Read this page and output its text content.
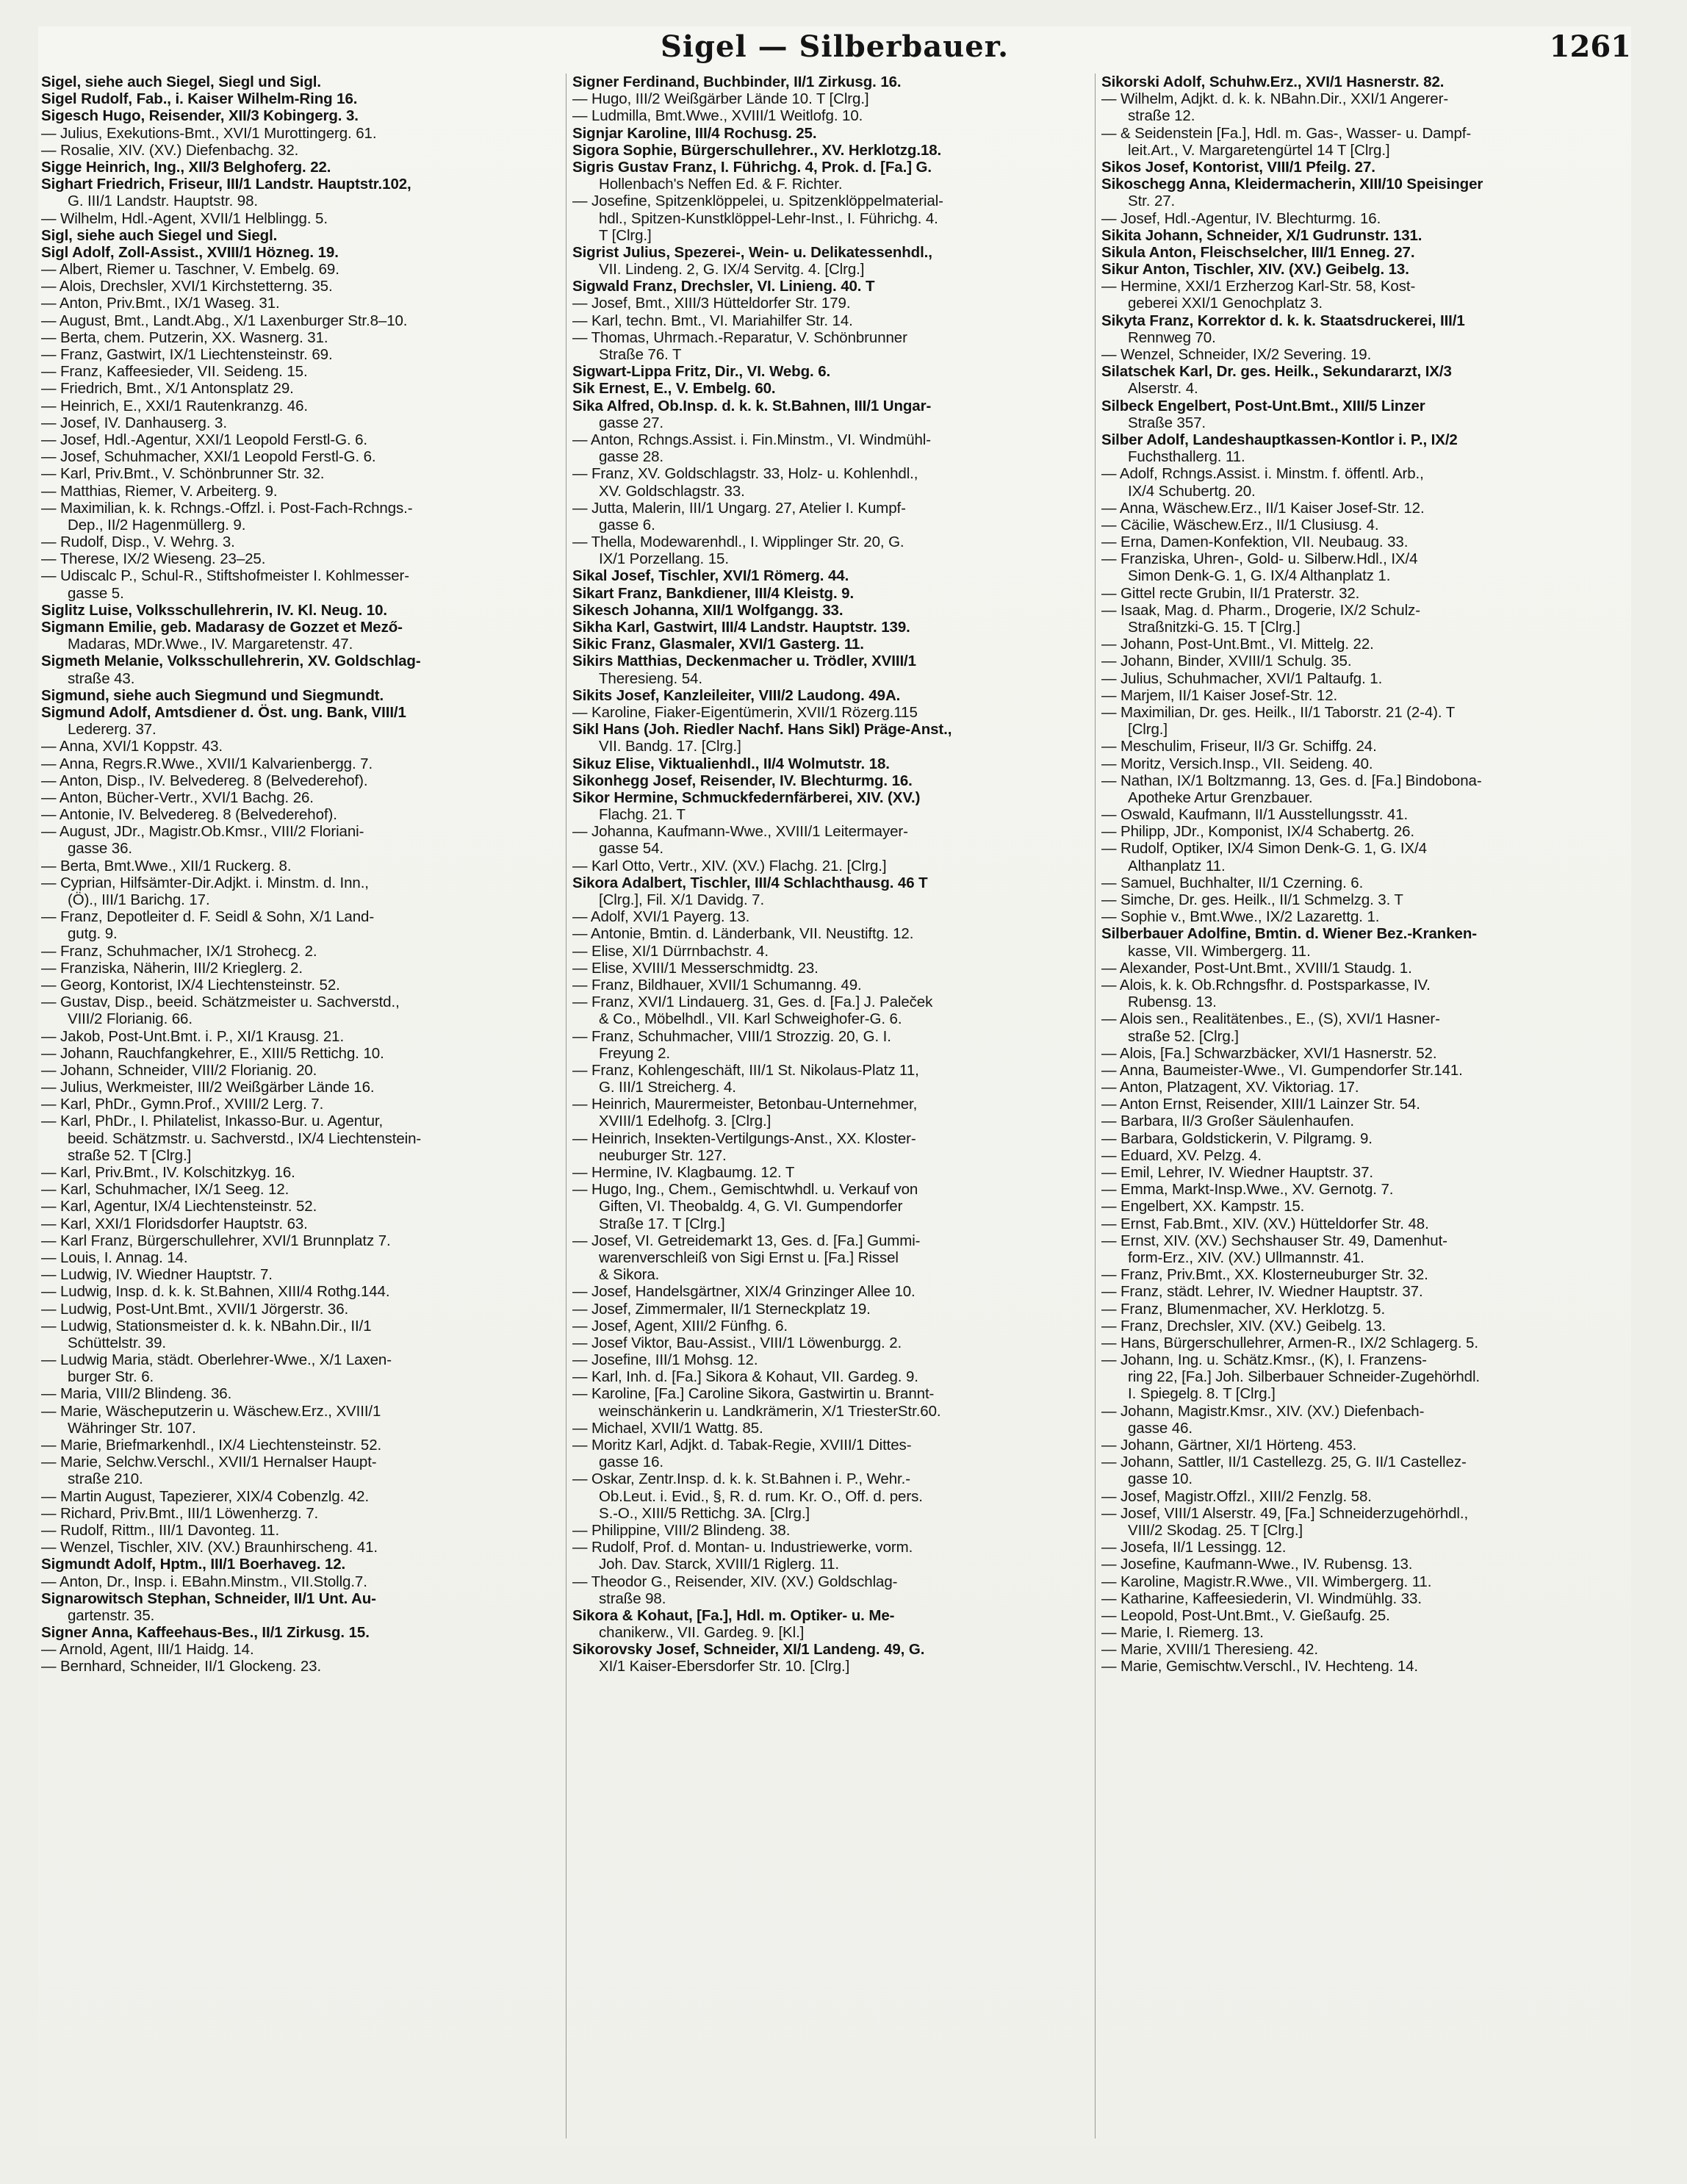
Sigel — Silberbauer.	1261
Sigel, siehe auch Siegel, Siegl und Sigl.
Sigel Rudolf, Fab., i. Kaiser Wilhelm-Ring 16.
Sigesch Hugo, Reisender, XII/3 Kobingerg. 3.
— Julius, Exekutions-Bmt., XVI/1 Murottingerg. 61.
— Rosalie, XIV. (XV.) Diefenbachg. 32.
Sigge Heinrich, Ing., XII/3 Belghoferg. 22.
Sighart Friedrich, Friseur, III/1 Landstr. Hauptstr.102,
G. III/1 Landstr. Hauptstr. 98.
— Wilhelm, Hdl.-Agent, XVII/1 Helblingg. 5.
Sigl, siehe auch Siegel und Siegl.
Sigl Adolf, Zoll-Assist., XVIII/1 Hözneg. 19.
— Albert, Riemer u. Taschner, V. Embelg. 69.
— Alois, Drechsler, XVI/1 Kirchstetterng. 35.
— Anton, Priv.Bmt., IX/1 Waseg. 31.
— August, Bmt., Landt.Abg., X/1 Laxenburger Str.8–10.
— Berta, chem. Putzerin, XX. Wasnerg. 31.
— Franz, Gastwirt, IX/1 Liechtensteinstr. 69.
— Franz, Kaffeesieder, VII. Seideng. 15.
— Friedrich, Bmt., X/1 Antonsplatz 29.
— Heinrich, E., XXI/1 Rautenkranzg. 46.
— Josef, IV. Danhauserg. 3.
— Josef, Hdl.-Agentur, XXI/1 Leopold Ferstl-G. 6.
— Josef, Schuhmacher, XXI/1 Leopold Ferstl-G. 6.
— Karl, Priv.Bmt., V. Schönbrunner Str. 32.
— Matthias, Riemer, V. Arbeiterg. 9.
— Maximilian, k. k. Rchngs.-Offzl. i. Post-Fach-Rchngs.-
Dep., II/2 Hagenmüllerg. 9.
— Rudolf, Disp., V. Wehrg. 3.
— Therese, IX/2 Wieseng. 23–25.
— Udiscalc P., Schul-R., Stiftshofmeister I. Kohlmesser-
gasse 5.
Siglitz Luise, Volksschullehrerin, IV. Kl. Neug. 10.
Sigmann Emilie, geb. Madarasy de Gozzet et Mező-
Madaras, MDr.Wwe., IV. Margaretenstr. 47.
Sigmeth Melanie, Volksschullehrerin, XV. Goldschlag-
straße 43.
Sigmund, siehe auch Siegmund und Siegmundt.
Sigmund Adolf, Amtsdiener d. Öst. ung. Bank, VIII/1
Ledererg. 37.
— Anna, XVI/1 Koppstr. 43.
— Anna, Regrs.R.Wwe., XVII/1 Kalvarienbergg. 7.
— Anton, Disp., IV. Belvedereg. 8 (Belvederehof).
— Anton, Bücher-Vertr., XVI/1 Bachg. 26.
— Antonie, IV. Belvedereg. 8 (Belvederehof).
— August, JDr., Magistr.Ob.Kmsr., VIII/2 Floriani-
gasse 36.
— Berta, Bmt.Wwe., XII/1 Ruckerg. 8.
— Cyprian, Hilfsämter-Dir.Adjkt. i. Minstm. d. Inn.,
(Ö)., III/1 Barichg. 17.
— Franz, Depotleiter d. F. Seidl & Sohn, X/1 Land-
gutg. 9.
— Franz, Schuhmacher, IX/1 Strohecg. 2.
— Franziska, Näherin, III/2 Krieglerg. 2.
— Georg, Kontorist, IX/4 Liechtensteinstr. 52.
— Gustav, Disp., beeid. Schätzmeister u. Sachverstd.,
VIII/2 Florianig. 66.
— Jakob, Post-Unt.Bmt. i. P., XI/1 Krausg. 21.
— Johann, Rauchfangkehrer, E., XIII/5 Rettichg. 10.
— Johann, Schneider, VIII/2 Florianig. 20.
— Julius, Werkmeister, III/2 Weißgärber Lände 16.
— Karl, PhDr., Gymn.Prof., XVIII/2 Lerg. 7.
— Karl, PhDr., I. Philatelist, Inkasso-Bur. u. Agentur,
beeid. Schätzmstr. u. Sachverstd., IX/4 Liechtenstein-
straße 52. T [Clrg.]
— Karl, Priv.Bmt., IV. Kolschitzkyg. 16.
— Karl, Schuhmacher, IX/1 Seeg. 12.
— Karl, Agentur, IX/4 Liechtensteinstr. 52.
— Karl, XXI/1 Floridsdorfer Hauptstr. 63.
— Karl Franz, Bürgerschullehrer, XVI/1 Brunnplatz 7.
— Louis, I. Annag. 14.
— Ludwig, IV. Wiedner Hauptstr. 7.
— Ludwig, Insp. d. k. k. St.Bahnen, XIII/4 Rothg.144.
— Ludwig, Post-Unt.Bmt., XVII/1 Jörgerstr. 36.
— Ludwig, Stationsmeister d. k. k. NBahn.Dir., II/1
Schüttelstr. 39.
— Ludwig Maria, städt. Oberlehrer-Wwe., X/1 Laxen-
burger Str. 6.
— Maria, VIII/2 Blindeng. 36.
— Marie, Wäscheputzerin u. Wäschew.Erz., XVIII/1
Währinger Str. 107.
— Marie, Briefmarkenhdl., IX/4 Liechtensteinstr. 52.
— Marie, Selchw.Verschl., XVII/1 Hernalser Haupt-
straße 210.
— Martin August, Tapezierer, XIX/4 Cobenzlg. 42.
— Richard, Priv.Bmt., III/1 Löwenherzg. 7.
— Rudolf, Rittm., III/1 Davonteg. 11.
— Wenzel, Tischler, XIV. (XV.) Braunhirscheng. 41.
Sigmundt Adolf, Hptm., III/1 Boerhaveg. 12.
— Anton, Dr., Insp. i. EBahn.Minstm., VII.Stollg.7.
Signarowitsch Stephan, Schneider, II/1 Unt. Au-
gartenstr. 35.
Signer Anna, Kaffeehaus-Bes., II/1 Zirkusg. 15.
— Arnold, Agent, III/1 Haidg. 14.
— Bernhard, Schneider, II/1 Glockeng. 23.
Signer Ferdinand, Buchbinder, II/1 Zirkusg. 16.
— Hugo, III/2 Weißgärber Lände 10. T [Clrg.]
— Ludmilla, Bmt.Wwe., XVIII/1 Weitlofg. 10.
Signjar Karoline, III/4 Rochusg. 25.
Sigora Sophie, Bürgerschullehrer., XV. Herklotzg.18.
Sigris Gustav Franz, I. Führichg. 4, Prok. d. [Fa.] G.
Hollenbach's Neffen Ed. & F. Richter.
— Josefine, Spitzenklöppelei, u. Spitzenklöppelmaterial-
hdl., Spitzen-Kunstklöppel-Lehr-Inst., I. Führichg. 4.
T [Clrg.]
Sigrist Julius, Spezerei-, Wein- u. Delikatessenhdl.,
VII. Lindeng. 2, G. IX/4 Servitg. 4. [Clrg.]
Sigwald Franz, Drechsler, VI. Linieng. 40. T
— Josef, Bmt., XIII/3 Hütteldorfer Str. 179.
— Karl, techn. Bmt., VI. Mariahilfer Str. 14.
— Thomas, Uhrmach.-Reparatur, V. Schönbrunner
Straße 76. T
Sigwart-Lippa Fritz, Dir., VI. Webg. 6.
Sik Ernest, E., V. Embelg. 60.
Sika Alfred, Ob.Insp. d. k. k. St.Bahnen, III/1 Ungar-
gasse 27.
— Anton, Rchngs.Assist. i. Fin.Minstm., VI. Windmühl-
gasse 28.
— Franz, XV. Goldschlagstr. 33, Holz- u. Kohlenhdl.,
XV. Goldschlagstr. 33.
— Jutta, Malerin, III/1 Ungarg. 27, Atelier I. Kumpf-
gasse 6.
— Thella, Modewarenhdl., I. Wipplinger Str. 20, G.
IX/1 Porzellang. 15.
Sikal Josef, Tischler, XVI/1 Römerg. 44.
Sikart Franz, Bankdiener, III/4 Kleistg. 9.
Sikesch Johanna, XII/1 Wolfgangg. 33.
Sikha Karl, Gastwirt, III/4 Landstr. Hauptstr. 139.
Sikic Franz, Glasmaler, XVI/1 Gasterg. 11.
Sikirs Matthias, Deckenmacher u. Trödler, XVIII/1
Theresieng. 54.
Sikits Josef, Kanzleileiter, VIII/2 Laudong. 49A.
— Karoline, Fiaker-Eigentümerin, XVII/1 Rözerg.115
Sikl Hans (Joh. Riedler Nachf. Hans Sikl) Präge-Anst.,
VII. Bandg. 17. [Clrg.]
Sikuz Elise, Viktualienhdl., II/4 Wolmutstr. 18.
Sikonhegg Josef, Reisender, IV. Blechturmg. 16.
Sikor Hermine, Schmuckfedernfärberei, XIV. (XV.)
Flachg. 21. T
— Johanna, Kaufmann-Wwe., XVIII/1 Leitermayer-
gasse 54.
— Karl Otto, Vertr., XIV. (XV.) Flachg. 21. [Clrg.]
Sikora Adalbert, Tischler, III/4 Schlachthausg. 46 T
[Clrg.], Fil. X/1 Davidg. 7.
— Adolf, XVI/1 Payerg. 13.
— Antonie, Bmtin. d. Länderbank, VII. Neustiftg. 12.
— Elise, XI/1 Dürrnbachstr. 4.
— Elise, XVIII/1 Messerschmidtg. 23.
— Franz, Bildhauer, XVII/1 Schumanng. 49.
— Franz, XVI/1 Lindauerg. 31, Ges. d. [Fa.] J. Paleček
& Co., Möbelhdl., VII. Karl Schweighofer-G. 6.
— Franz, Schuhmacher, VIII/1 Strozzig. 20, G. I.
Freyung 2.
— Franz, Kohlengeschäft, III/1 St. Nikolaus-Platz 11,
G. III/1 Streicherg. 4.
— Heinrich, Maurermeister, Betonbau-Unternehmer,
XVIII/1 Edelhofg. 3. [Clrg.]
— Heinrich, Insekten-Vertilgungs-Anst., XX. Kloster-
neuburger Str. 127.
— Hermine, IV. Klagbaumg. 12. T
— Hugo, Ing., Chem., Gemischtwhdl. u. Verkauf von
Giften, VI. Theobaldg. 4, G. VI. Gumpendorfer
Straße 17. T [Clrg.]
— Josef, VI. Getreidemarkt 13, Ges. d. [Fa.] Gummi-
warenverschleiß von Sigi Ernst u. [Fa.] Rissel
& Sikora.
— Josef, Handelsgärtner, XIX/4 Grinzinger Allee 10.
— Josef, Zimmermaler, II/1 Sterneckplatz 19.
— Josef, Agent, XIII/2 Fünfhg. 6.
— Josef Viktor, Bau-Assist., VIII/1 Löwenburgg. 2.
— Josefine, III/1 Mohsg. 12.
— Karl, Inh. d. [Fa.] Sikora & Kohaut, VII. Gardeg. 9.
— Karoline, [Fa.] Caroline Sikora, Gastwirtin u. Brannt-
weinschänkerin u. Landkrämerin, X/1 TriesterStr.60.
— Michael, XVII/1 Wattg. 85.
— Moritz Karl, Adjkt. d. Tabak-Regie, XVIII/1 Dittes-
gasse 16.
— Oskar, Zentr.Insp. d. k. k. St.Bahnen i. P., Wehr.-
Ob.Leut. i. Evid., §, R. d. rum. Kr. O., Off. d. pers.
S.-O., XIII/5 Rettichg. 3A. [Clrg.]
— Philippine, VIII/2 Blindeng. 38.
— Rudolf, Prof. d. Montan- u. Industriewerke, vorm.
Joh. Dav. Starck, XVIII/1 Riglerg. 11.
— Theodor G., Reisender, XIV. (XV.) Goldschlag-
straße 98.
Sikora & Kohaut, [Fa.], Hdl. m. Optiker- u. Me-
chanikerw., VII. Gardeg. 9. [Kl.]
Sikorovsky Josef, Schneider, XI/1 Landeng. 49, G.
XI/1 Kaiser-Ebersdorfer Str. 10. [Clrg.]
Sikorski Adolf, Schuhw.Erz., XVI/1 Hasnerstr. 82.
— Wilhelm, Adjkt. d. k. k. NBahn.Dir., XXI/1 Angerer-
straße 12.
— & Seidenstein [Fa.], Hdl. m. Gas-, Wasser- u. Dampf-
leit.Art., V. Margaretengürtel 14 T [Clrg.]
Sikos Josef, Kontorist, VIII/1 Pfeilg. 27.
Sikoschegg Anna, Kleidermacherin, XIII/10 Speisinger
Str. 27.
— Josef, Hdl.-Agentur, IV. Blechturmg. 16.
Sikita Johann, Schneider, X/1 Gudrunstr. 131.
Sikula Anton, Fleischselcher, III/1 Enneg. 27.
Sikur Anton, Tischler, XIV. (XV.) Geibelg. 13.
— Hermine, XXI/1 Erzherzog Karl-Str. 58, Kost-
geberei XXI/1 Genochplatz 3.
Sikyta Franz, Korrektor d. k. k. Staatsdruckerei, III/1
Rennweg 70.
— Wenzel, Schneider, IX/2 Severing. 19.
Silatschek Karl, Dr. ges. Heilk., Sekundararzt, IX/3
Alserstr. 4.
Silbeck Engelbert, Post-Unt.Bmt., XIII/5 Linzer
Straße 357.
Silber Adolf, Landeshauptkassen-Kontlor i. P., IX/2
Fuchsthallerg. 11.
— Adolf, Rchngs.Assist. i. Minstm. f. öffentl. Arb.,
IX/4 Schubertg. 20.
— Anna, Wäschew.Erz., II/1 Kaiser Josef-Str. 12.
— Cäcilie, Wäschew.Erz., II/1 Clusiusg. 4.
— Erna, Damen-Konfektion, VII. Neubaug. 33.
— Franziska, Uhren-, Gold- u. Silberw.Hdl., IX/4
Simon Denk-G. 1, G. IX/4 Althanplatz 1.
— Gittel recte Grubin, II/1 Praterstr. 32.
— Isaak, Mag. d. Pharm., Drogerie, IX/2 Schulz-
Straßnitzki-G. 15. T [Clrg.]
— Johann, Post-Unt.Bmt., VI. Mittelg. 22.
— Johann, Binder, XVIII/1 Schulg. 35.
— Julius, Schuhmacher, XVI/1 Paltaufg. 1.
— Marjem, II/1 Kaiser Josef-Str. 12.
— Maximilian, Dr. ges. Heilk., II/1 Taborstr. 21 (2-4). T
[Clrg.]
— Meschulim, Friseur, II/3 Gr. Schiffg. 24.
— Moritz, Versich.Insp., VII. Seideng. 40.
— Nathan, IX/1 Boltzmanng. 13, Ges. d. [Fa.] Bindobona-
Apotheke Artur Grenzbauer.
— Oswald, Kaufmann, II/1 Ausstellungsstr. 41.
— Philipp, JDr., Komponist, IX/4 Schabertg. 26.
— Rudolf, Optiker, IX/4 Simon Denk-G. 1, G. IX/4
Althanplatz 11.
— Samuel, Buchhalter, II/1 Czerning. 6.
— Simche, Dr. ges. Heilk., II/1 Schmelzg. 3. T
— Sophie v., Bmt.Wwe., IX/2 Lazarettg. 1.
Silberbauer Adolfine, Bmtin. d. Wiener Bez.-Kranken-
kasse, VII. Wimbergerg. 11.
— Alexander, Post-Unt.Bmt., XVIII/1 Staudg. 1.
— Alois, k. k. Ob.Rchngsfhr. d. Postsparkasse, IV.
Rubensg. 13.
— Alois sen., Realitätenbes., E., (S), XVI/1 Hasner-
straße 52. [Clrg.]
— Alois, [Fa.] Schwarzbäcker, XVI/1 Hasnerstr. 52.
— Anna, Baumeister-Wwe., VI. Gumpendorfer Str.141.
— Anton, Platzagent, XV. Viktoriag. 17.
— Anton Ernst, Reisender, XIII/1 Lainzer Str. 54.
— Barbara, II/3 Großer Säulenhaufen.
— Barbara, Goldstickerin, V. Pilgramg. 9.
— Eduard, XV. Pelzg. 4.
— Emil, Lehrer, IV. Wiedner Hauptstr. 37.
— Emma, Markt-Insp.Wwe., XV. Gernotg. 7.
— Engelbert, XX. Kampstr. 15.
— Ernst, Fab.Bmt., XIV. (XV.) Hütteldorfer Str. 48.
— Ernst, XIV. (XV.) Sechshauser Str. 49, Damenhut-
form-Erz., XIV. (XV.) Ullmannstr. 41.
— Franz, Priv.Bmt., XX. Klosterneuburger Str. 32.
— Franz, städt. Lehrer, IV. Wiedner Hauptstr. 37.
— Franz, Blumenmacher, XV. Herklotzg. 5.
— Franz, Drechsler, XIV. (XV.) Geibelg. 13.
— Hans, Bürgerschullehrer, Armen-R., IX/2 Schlagerg. 5.
— Johann, Ing. u. Schätz.Kmsr., (K), I. Franzens-
ring 22, [Fa.] Joh. Silberbauer Schneider-Zugehörhdl.
I. Spiegelg. 8. T [Clrg.]
— Johann, Magistr.Kmsr., XIV. (XV.) Diefenbach-
gasse 46.
— Johann, Gärtner, XI/1 Hörteng. 453.
— Johann, Sattler, II/1 Castellezg. 25, G. II/1 Castellez-
gasse 10.
— Josef, Magistr.Offzl., XIII/2 Fenzlg. 58.
— Josef, VIII/1 Alserstr. 49, [Fa.] Schneiderzugehörhdl.,
VIII/2 Skodag. 25. T [Clrg.]
— Josefa, II/1 Lessingg. 12.
— Josefine, Kaufmann-Wwe., IV. Rubensg. 13.
— Karoline, Magistr.R.Wwe., VII. Wimbergerg. 11.
— Katharine, Kaffeesiederin, VI. Windmühlg. 33.
— Leopold, Post-Unt.Bmt., V. Gießaufg. 25.
— Marie, I. Riemerg. 13.
— Marie, XVIII/1 Theresieng. 42.
— Marie, Gemischtw.Verschl., IV. Hechteng. 14.
